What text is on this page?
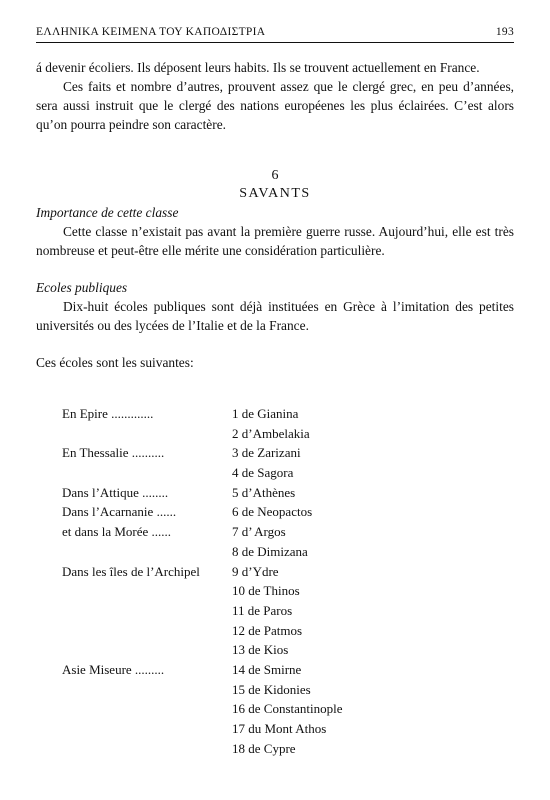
ΕΛΛΗΝΙΚΑ ΚΕΙΜΕΝΑ ΤΟΥ ΚΑΠΟΔΙΣΤΡΙΑ	193

á devenir écoliers. Ils déposent leurs habits. Ils se trouvent actuellement en France.

Ces faits et nombre d’autres, prouvent assez que le clergé grec, en peu d’années, sera aussi instruit que le clergé des nations européenes les plus éclairées. C’est alors qu’on pourra peindre son caractère.

6

SAVANTS

Importance de cette classe

Cette classe n’existait pas avant la première guerre russe. Aujourd’hui, elle est très nombreuse et peut-être elle mérite une considération particulière.

Ecoles publiques

Dix-huit écoles publiques sont déjà instituées en Grèce à l’imitation des petites universités ou des lycées de l’Italie et de la France.

Ces écoles sont les suivantes:

En Epire .............	1 de Gianina
2 d’Ambelakia
En Thessalie ..........	3 de Zarizani
4 de Sagora
Dans l’Attique ........	5 d’Athènes
Dans l’Acarnanie ......	6 de Neopactos
et dans la Morée ......	7 d’ Argos
8 de Dimizana
Dans les îles de l’Archipel 9 d’Ydre
10 de Thinos
11 de Paros
12 de Patmos
13 de Kios
Asie Miseure .........	14 de Smirne
15 de Kidonies
16 de Constantinople
17 du Mont Athos
18 de Cypre
